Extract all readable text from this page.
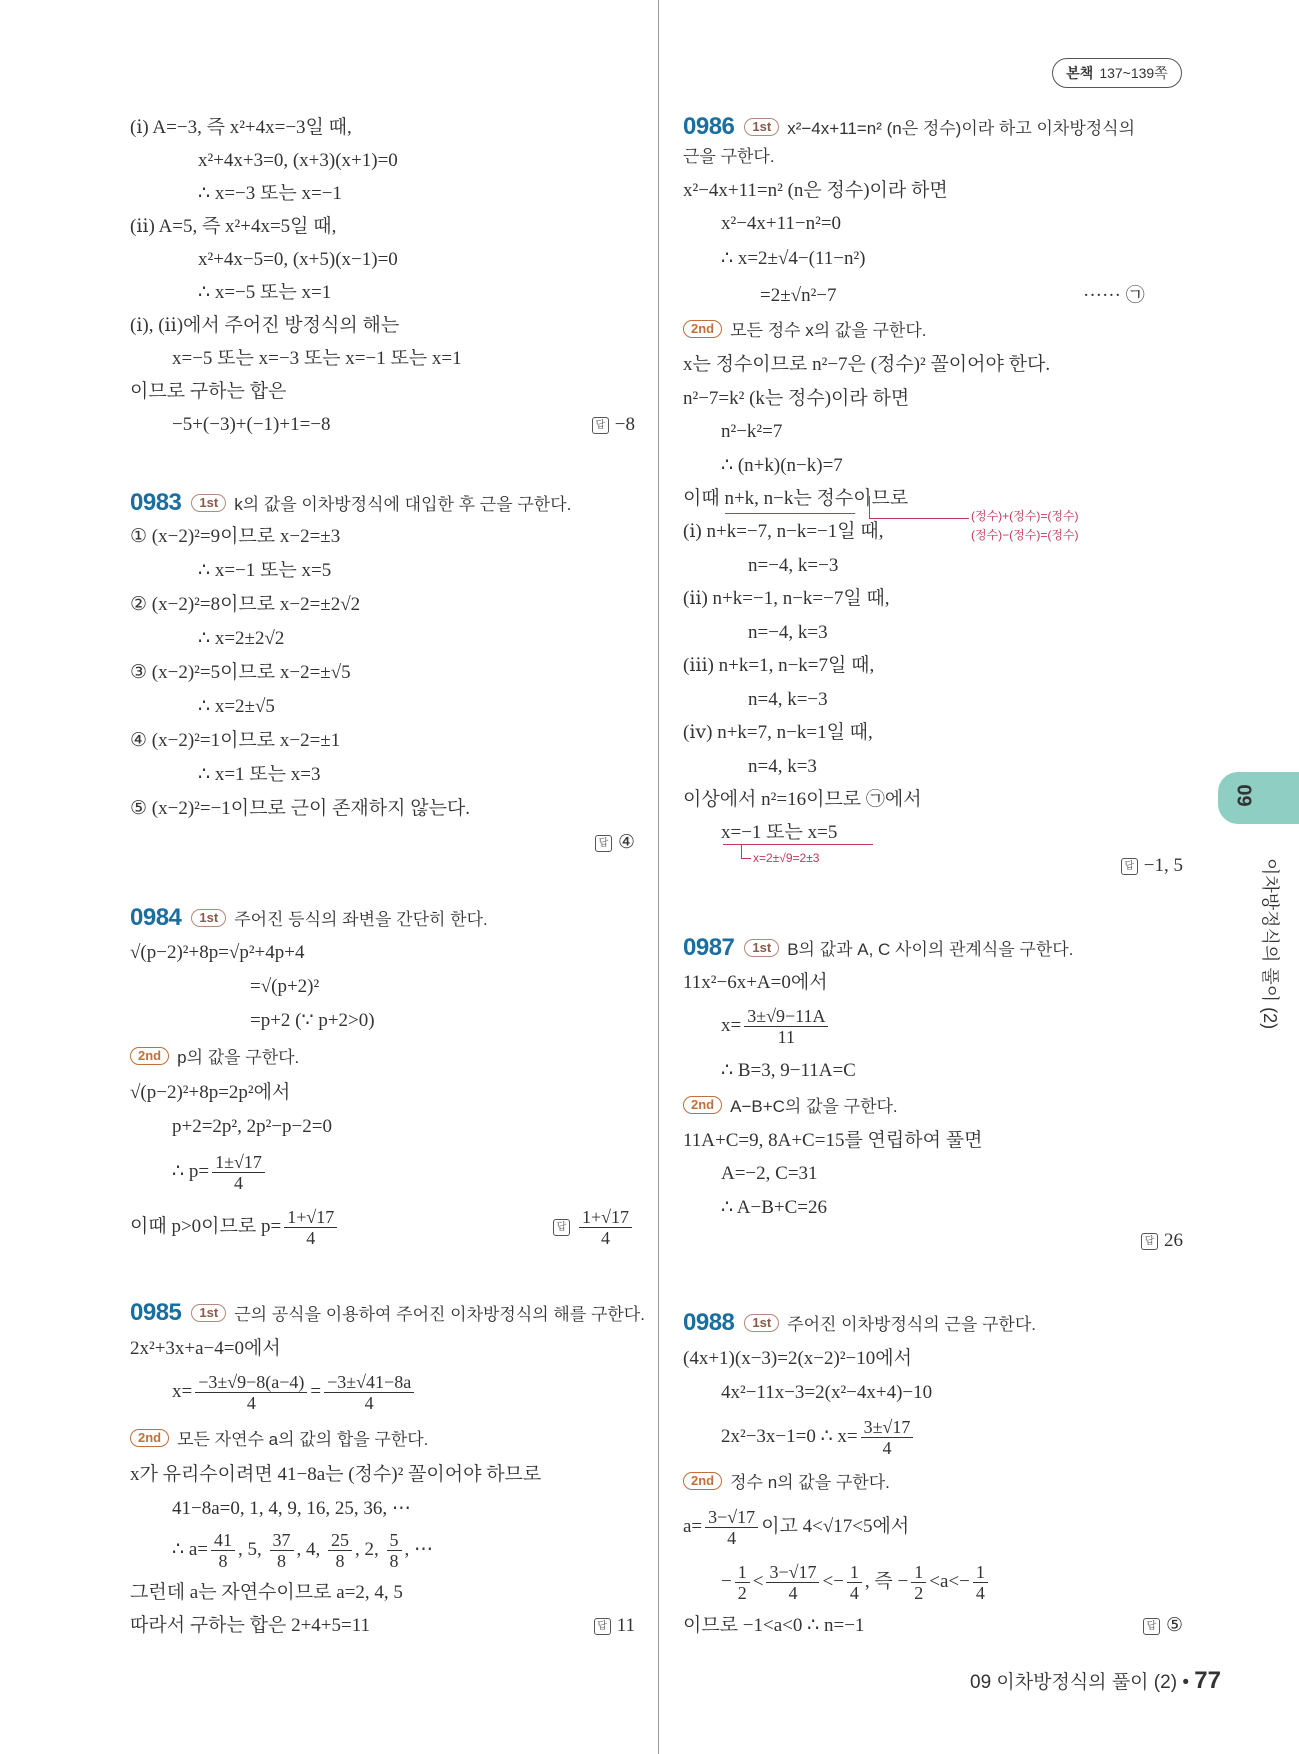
본책 137~139쪽
(ⅰ) A=−3, 즉 x²+4x=−3일 때,
x²+4x+3=0, (x+3)(x+1)=0
∴ x=−3 또는 x=−1
(ⅱ) A=5, 즉 x²+4x=5일 때,
x²+4x−5=0, (x+5)(x−1)=0
∴ x=−5 또는 x=1
(ⅰ), (ⅱ)에서 주어진 방정식의 해는
x=−5 또는 x=−3 또는 x=−1 또는 x=1
이므로 구하는 합은
−5+(−3)+(−1)+1=−8	답 −8
0983 1st k의 값을 이차방정식에 대입한 후 근을 구한다.
① (x−2)²=9이므로 x−2=±3
∴ x=−1 또는 x=5
② (x−2)²=8이므로 x−2=±2√2
∴ x=2±2√2
③ (x−2)²=5이므로 x−2=±√5
∴ x=2±√5
④ (x−2)²=1이므로 x−2=±1
∴ x=1 또는 x=3
⑤ (x−2)²=−1이므로 근이 존재하지 않는다.
답 ④
0984 1st 주어진 등식의 좌변을 간단히 한다.
√(p−2)²+8p=√p²+4p+4
=√(p+2)²
=p+2 (∵ p+2>0)
2nd p의 값을 구한다.
√(p−2)²+8p=2p²에서
p+2=2p², 2p²−p−2=0
∴ $p= \frac{1\pm√17}{4}$
이때 p>0이므로 $p= \frac{1+√17}{4}$	답 $\frac{1+√17}{4}$
0985 1st 근의 공식을 이용하여 주어진 이차방정식의 해를 구한다.
2x²+3x+a−4=0에서
$x= \frac{-3\pm√9-8(a-4)}{4} = \frac{-3\pm√41-8a}{4}$
2nd 모든 자연수 a의 값의 합을 구한다.
x가 유리수이려면 41−8a는 (정수)² 꼴이어야 하므로
41−8a=0, 1, 4, 9, 16, 25, 36, ⋯
∴ $a= \frac{41}{8}$ , 5, $\frac{37}{8}$ , 4, $\frac{25}{8}$ , 2, $\frac{5}{8}$ , ⋯
그런데 a는 자연수이므로 a=2, 4, 5
따라서 구하는 합은 2+4+5=11	답 11
0986 1st x²−4x+11=n² (n은 정수)이라 하고 이차방정식의
근을 구한다.
x²−4x+11=n² (n은 정수)이라 하면
x²−4x+11−n²=0
∴ x=2±√4−(11−n²)
=2±√n²−7	······ ㉠
2nd 모든 정수 x의 값을 구한다.
x는 정수이므로 n²−7은 (정수)² 꼴이어야 한다.
n²−7=k² (k는 정수)이라 하면
n²−k²=7
∴ (n+k)(n−k)=7
이때 n+k, n−k는 정수이므로
(정수)+(정수)=(정수)
(정수)−(정수)=(정수)
(ⅰ) n+k=−7, n−k=−1일 때,
n=−4, k=−3
(ⅱ) n+k=−1, n−k=−7일 때,
n=−4, k=3
(ⅲ) n+k=1, n−k=7일 때,
n=4, k=−3
(ⅳ) n+k=7, n−k=1일 때,
n=4, k=3
이상에서 n²=16이므로 ㉠에서
x=−1 또는 x=5
x=2±√9=2±3
답 −1, 5
0987 1st B의 값과 A, C 사이의 관계식을 구한다.
11x²−6x+A=0에서
$x= \frac{3\pm√9-11A}{11}$
∴ B=3, 9−11A=C
2nd A−B+C의 값을 구한다.
11A+C=9, 8A+C=15를 연립하여 풀면
A=−2, C=31
∴ A−B+C=26
답 26
0988 1st 주어진 이차방정식의 근을 구한다.
(4x+1)(x−3)=2(x−2)²−10에서
4x²−11x−3=2(x²−4x+4)−10
2x²−3x−1=0 ∴ $x= \frac{3\pm√17}{4}$
2nd 정수 n의 값을 구한다.
$a= \frac{3-√17}{4}$ 이고 4<√17<5에서
− $\frac{1}{2} < \frac{3-√17}{4} <- \frac{1}{4}$ , 즉 − $\frac{1}{2} <a<- \frac{1}{4}$
이므로 −1<a<0 ∴ n=−1	답 ⑤
09
이차방정식의 풀이 (2)
09 이차방정식의 풀이 (2) • 77
